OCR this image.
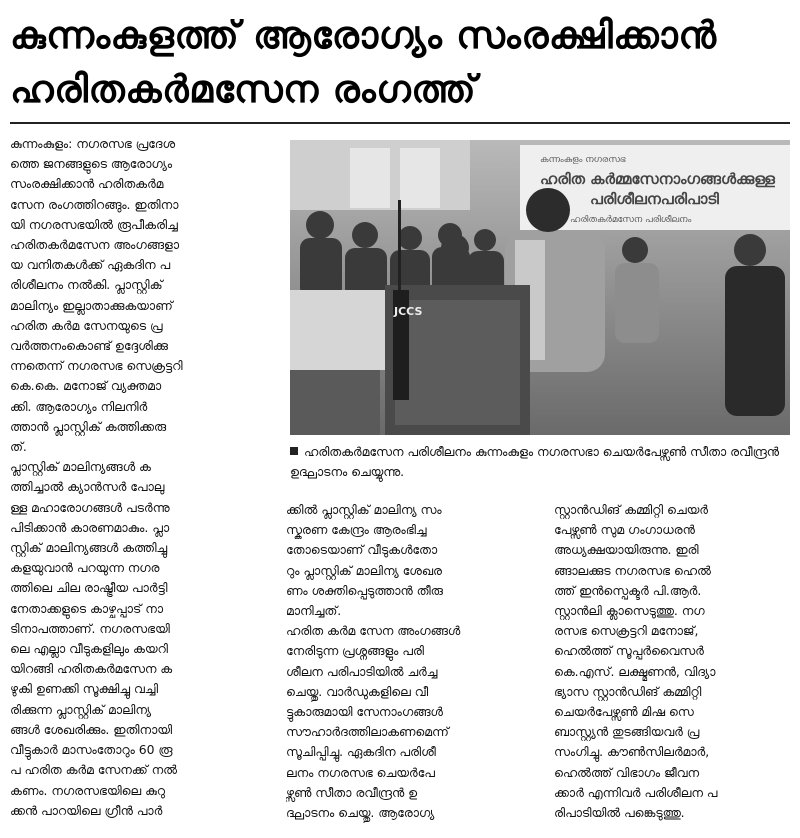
കുന്നംകുളത്ത് ആരോഗ്യം സംരക്ഷിക്കാൻ
ഹരിതകർമസേന രംഗത്ത്
കുന്നംകുളം: നഗരസഭ പ്രദേശ
ത്തെ ജനങ്ങളുടെ ആരോഗ്യം
സംരക്ഷിക്കാൻ ഹരിതകർമ
സേന രംഗത്തിറങ്ങും. ഇതിനാ
യി നഗരസഭയിൽ രൂപീകരിച്ച
ഹരിതകർമസേന അംഗങ്ങളാ
യ വനിതകൾക്ക് ഏകദിന പ
രിശീലനം നൽകി. പ്ലാസ്റ്റിക്
മാലിന്യം ഇല്ലാതാക്കുകയാണ്
ഹരിത കർമ സേനയുടെ പ്ര
വർത്തനംകൊണ്ട് ഉദ്ദേശിക്കു
ന്നതെന്ന് നഗരസഭ സെക്രട്ടറി
കെ.കെ. മനോജ് വ്യക്തമാ
ക്കി. ആരോഗ്യം നിലനിർ
ത്താൻ പ്ലാസ്റ്റിക് കത്തിക്കരു
ത്.
പ്ലാസ്റ്റിക് മാലിന്യങ്ങൾ ക
ത്തിച്ചാൽ ക്യാൻസർ പോലു
ള്ള മഹാരോഗങ്ങൾ പടർന്നു
പിടിക്കാൻ കാരണമാകും. പ്ലാ
സ്റ്റിക് മാലിന്യങ്ങൾ കത്തിച്ചു
കളയുവാൻ പറയുന്ന നഗര
ത്തിലെ ചില രാഷ്ട്രീയ പാർട്ടി
നേതാക്കളുടെ കാഴ്ചപ്പാട് നാ
ടിനാപത്താണ്. നഗരസഭയി
ലെ എല്ലാ വീടുകളിലും കയറി
യിറങ്ങി ഹരിതകർമസേന ക
ഴുകി ഉണക്കി സൂക്ഷിച്ചു വച്ചി
രിക്കുന്ന പ്ലാസ്റ്റിക് മാലിന്യ
ങ്ങൾ ശേഖരിക്കും. ഇതിനായി
വീട്ടുകാർ മാസംതോറും 60 രൂ
പ ഹരിത കർമ സേനക്ക് നൽ
കണം. നഗരസഭയിലെ കുറു
ക്കൻ പാറയിലെ ഗ്രീൻ പാർ
കന്നംകുളം നഗരസഭ
ഹരിത കർമ്മസേനാംഗങ്ങൾക്കുള്ള
പരിശീലനപരിപാടി
ഹരിതകർമസേന പരിശീലനം
JCCS
ഹരിതകർമസേന പരിശീലനം കുന്നംകുളം നഗരസഭാ ചെയർപേഴ്സൺ സീതാ രവീന്ദ്രൻ ഉദ്ഘാടനം ചെയ്യുന്നു.
ക്കിൽ പ്ലാസ്റ്റിക് മാലിന്യ സം
സ്കരണ കേന്ദ്രം ആരംഭിച്ച
തോടെയാണ് വീടുകൾതോ
റും പ്ലാസ്റ്റിക് മാലിന്യ ശേഖര
ണം ശക്തിപ്പെടുത്താൻ തീരു
മാനിച്ചത്.
ഹരിത കർമ സേന അംഗങ്ങൾ
നേരിടുന്ന പ്രശ്നങ്ങളും പരി
ശീലന പരിപാടിയിൽ ചർച്ച
ചെയ്തു. വാർഡുകളിലെ വീ
ട്ടുകാരുമായി സേനാംഗങ്ങൾ
സൗഹാർദത്തിലാകണമെന്ന്
സൂചിപ്പിച്ചു. ഏകദിന പരിശീ
ലനം നഗരസഭ ചെയർപേ
ഴ്സൺ സീതാ രവീന്ദ്രൻ ഉ
ദ്ഘാടനം ചെയ്തു. ആരോഗ്യ
സ്റ്റാൻഡിങ് കമ്മിറ്റി ചെയർ
പേഴ്സൺ സുമ ഗംഗാധരൻ
അധ്യക്ഷയായിരുന്നു. ഇരി
ങ്ങാലക്കുട നഗരസഭ ഹെൽ
ത്ത് ഇൻസ്പെക്ടർ പി.ആർ.
സ്റ്റാൻലി ക്ലാസെടുത്തു. നഗ
രസഭ സെക്രട്ടറി മനോജ്,
ഹെൽത്ത് സൂപ്പർവൈസർ
കെ.എസ്. ലക്ഷ്മണൻ, വിദ്യാ
ഭ്യാസ സ്റ്റാൻഡിങ് കമ്മിറ്റി
ചെയർപേഴ്സൺ മിഷ സെ
ബാസ്റ്റ്യൻ തുടങ്ങിയവർ പ്ര
സംഗിച്ചു. കൗൺസിലർമാർ,
ഹെൽത്ത് വിഭാഗം ജീവന
ക്കാർ എന്നിവർ പരിശീലന പ
രിപാടിയിൽ പങ്കെടുത്തു.
